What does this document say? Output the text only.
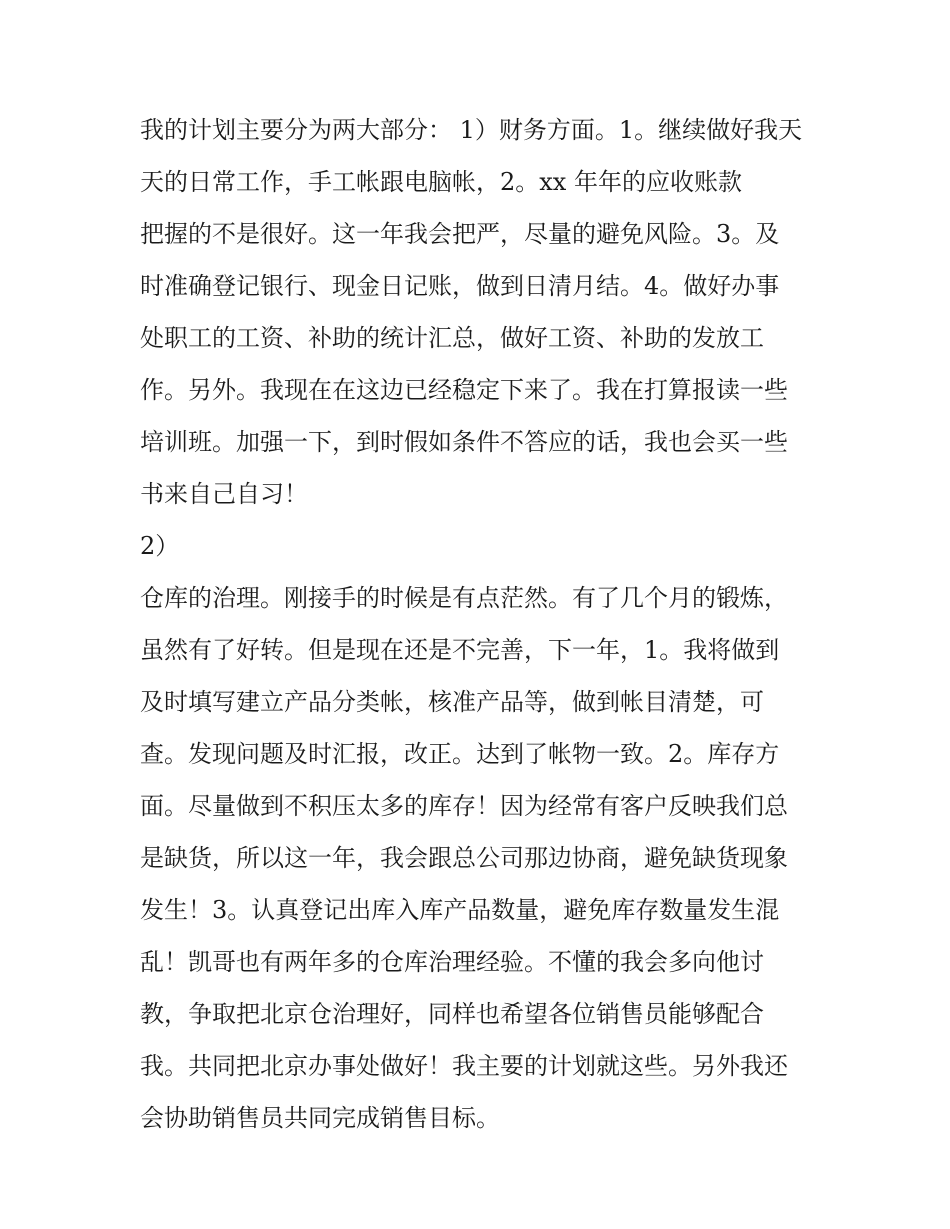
我的计划主要分为两大部分： 1）财务方面。1。继续做好我天
天的日常工作，手工帐跟电脑帐，2。xx 年年的应收账款
把握的不是很好。这一年我会把严，尽量的避免风险。3。及
时准确登记银行、现金日记账，做到日清月结。4。做好办事
处职工的工资、补助的统计汇总，做好工资、补助的发放工
作。另外。我现在在这边已经稳定下来了。我在打算报读一些
培训班。加强一下，到时假如条件不答应的话，我也会买一些
书来自己自习！
2）
仓库的治理。刚接手的时候是有点茫然。有了几个月的锻炼，
虽然有了好转。但是现在还是不完善，下一年，1。我将做到
及时填写建立产品分类帐，核准产品等，做到帐目清楚，可
查。发现问题及时汇报，改正。达到了帐物一致。2。库存方
面。尽量做到不积压太多的库存！因为经常有客户反映我们总
是缺货，所以这一年，我会跟总公司那边协商，避免缺货现象
发生！3。认真登记出库入库产品数量，避免库存数量发生混
乱！凯哥也有两年多的仓库治理经验。不懂的我会多向他讨
教，争取把北京仓治理好，同样也希望各位销售员能够配合
我。共同把北京办事处做好！我主要的计划就这些。另外我还
会协助销售员共同完成销售目标。
